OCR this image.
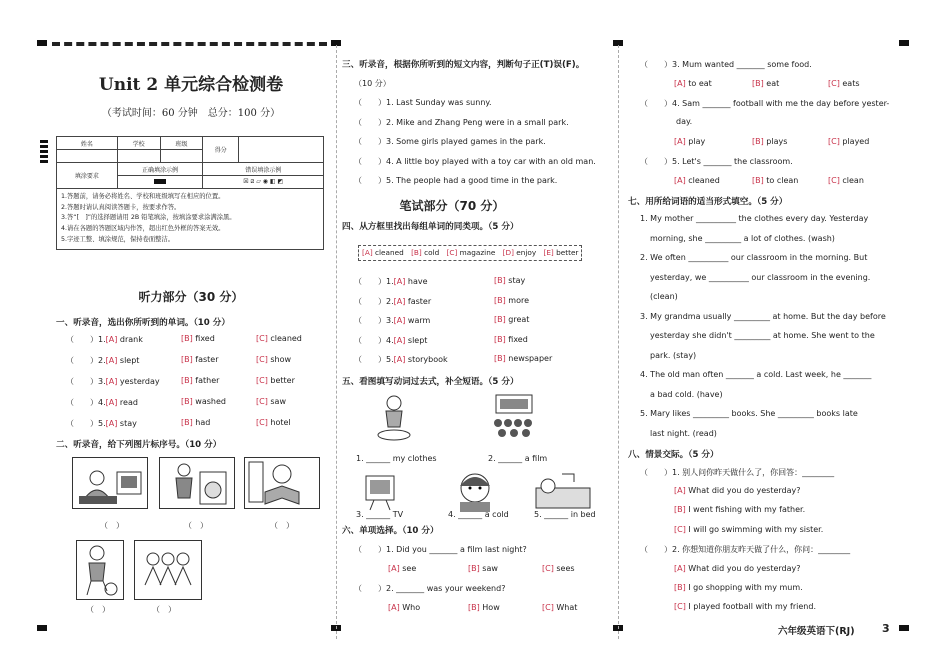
Unit 2 单元综合检测卷
（考试时间：60 分钟　总分：100 分）
姓名	学校	班级	得分	

填涂要求	正确填涂示例		错误填涂示例	
			☒ ⧄ ▱ ◉ ◧ ◩	
1.答题前，请务必将姓名、学校和班级填写在相应的位置。
2.答题时请认真阅读答题卡，按要求作答。
3.答“[　]”的选择题请用 2B 铅笔填涂，按填涂要求涂满涂黑。
4.请在各题的答题区域内作答，超出红色外框的答案无效。
5.字迹工整、填涂规范，保持卷面整洁。
听力部分（30 分）
一、听录音，选出你所听到的单词。（10 分）
（　　）1.[A] drank	[B] fixed	[C] cleaned
（　　）2.[A] slept	[B] faster	[C] show
（　　）3.[A] yesterday	[B] father	[C] better
（　　）4.[A] read	[B] washed	[C] saw
（　　）5.[A] stay	[B] had	[C] hotel
二、听录音，给下列图片标序号。（10 分）
（　）	（　）	（　）
（　）	（　）
三、听录音，根据你所听到的短文内容，判断句子正(T)误(F)。
（10 分）
（　　）1. Last Sunday was sunny.
（　　）2. Mike and Zhang Peng were in a small park.
（　　）3. Some girls played games in the park.
（　　）4. A little boy played with a toy car with an old man.
（　　）5. The people had a good time in the park.
笔试部分（70 分）
四、从方框里找出每组单词的同类项。（5 分）
[A] cleaned　[B] cold　[C] magazine　[D] enjoy　[E] better
（　　）1.[A] have	[B] stay
（　　）2.[A] faster	[B] more
（　　）3.[A] warm	[B] great
（　　）4.[A] slept	[B] fixed
（　　）5.[A] storybook	[B] newspaper
五、看图填写动词过去式，补全短语。（5 分）
1. ______ my clothes	2. ______ a film
3. ______ TV	4. ______ a cold	5. ______ in bed
六、单项选择。（10 分）
（　　）1. Did you _______ a film last night?
[A] see	[B] saw	[C] sees
（　　）2. _______ was your weekend?
[A] Who	[B] How	[C] What
（　　）3. Mum wanted _______ some food.
[A] to eat	[B] eat	[C] eats
（　　）4. Sam _______ football with me the day before yester-
day.
[A] play	[B] plays	[C] played
（　　）5. Let's _______ the classroom.
[A] cleaned	[B] to clean	[C] clean
七、用所给词语的适当形式填空。（5 分）
1. My mother __________ the clothes every day. Yesterday
morning, she _________ a lot of clothes. (wash)
2. We often __________ our classroom in the morning. But
yesterday, we __________ our classroom in the evening.
(clean)
3. My grandma usually _________ at home. But the day before
yesterday she didn't _________ at home. She went to the
park. (stay)
4. The old man often _______ a cold. Last week, he _______
a bad cold. (have)
5. Mary likes _________ books. She _________ books late
last night. (read)
八、情景交际。（5 分）
（　　）1. 别人问你昨天做什么了，你回答：________
[A] What did you do yesterday?
[B] I went fishing with my father.
[C] I will go swimming with my sister.
（　　）2. 你想知道你朋友昨天做了什么，你问：________
[A] What did you do yesterday?
[B] I go shopping with my mum.
[C] I played football with my friend.
六年级英语下(RJ) 3
